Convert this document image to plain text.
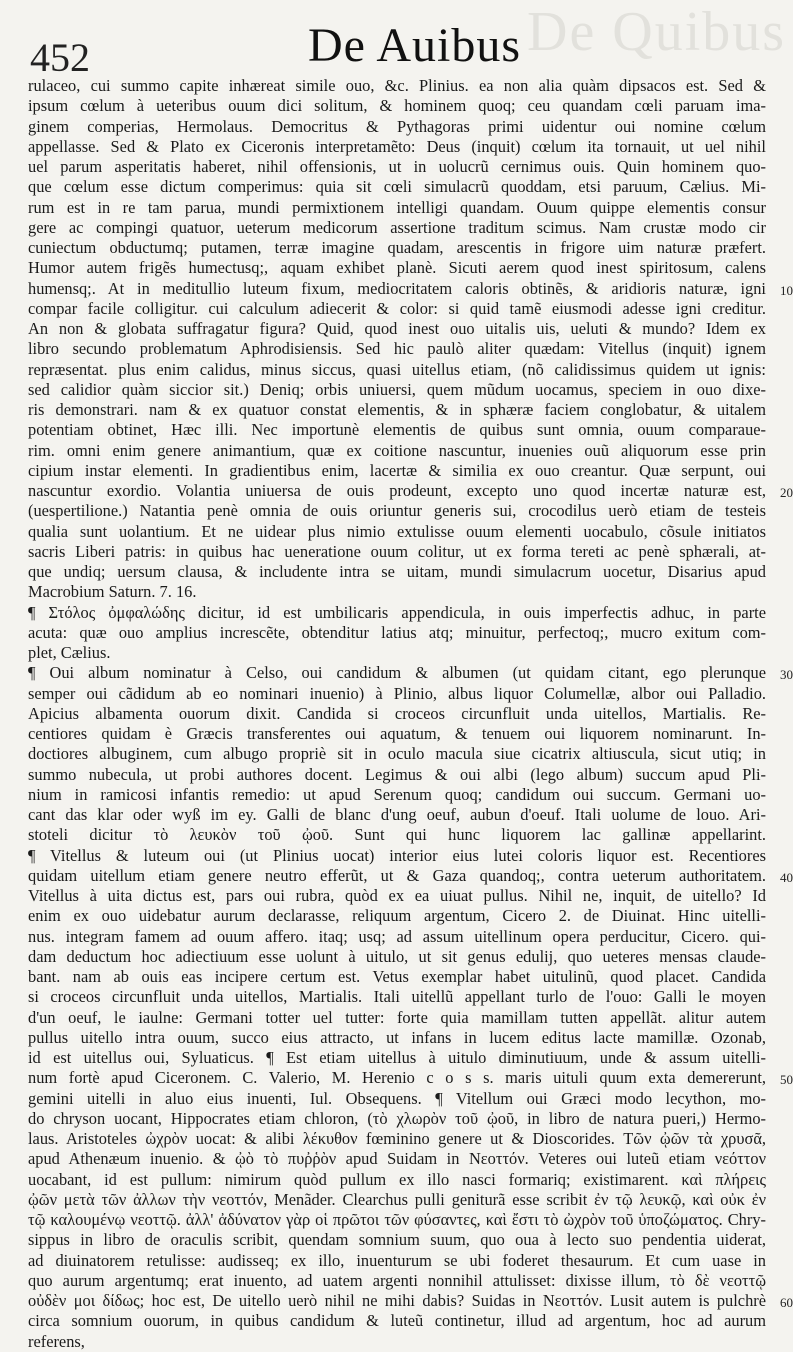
De Quibus
452	De Auibus
rulaceo, cui summo capite inhæreat simile ouo, &c. Plinius. ea non alia quàm dipsacos est. Sed &
ipsum cœlum à ueteribus ouum dici solitum, & hominem quoq; ceu quandam cœli paruam ima-
ginem comperias, Hermolaus. Democritus & Pythagoras primi uidentur oui nomine cœlum
appellasse. Sed & Plato ex Ciceronis interpretamẽto: Deus (inquit) cœlum ita tornauit, ut uel nihil
uel parum asperitatis haberet, nihil offensionis, ut in uolucrũ cernimus ouis. Quin hominem quo-
que cœlum esse dictum comperimus: quia sit cœli simulacrũ quoddam, etsi paruum, Cælius. Mi-
rum est in re tam parua, mundi permixtionem intelligi quandam. Ouum quippe elementis consur
gere ac compingi quatuor, ueterum medicorum assertione traditum scimus. Nam crustæ modo cir
cuniectum obductumq; putamen, terræ imagine quadam, arescentis in frigore uim naturæ præfert.
Humor autem frigẽs humectusq;, aquam exhibet planè. Sicuti aerem quod inest spiritosum, calens
humensq;. At in meditullio luteum fixum, mediocritatem caloris obtinẽs, & aridioris naturæ, igni
compar facile colligitur. cui calculum adiecerit & color: si quid tamẽ eiusmodi adesse igni creditur.
An non & globata suffragatur figura? Quid, quod inest ouo uitalis uis, ueluti & mundo? Idem ex
libro secundo problematum Aphrodisiensis. Sed hic paulò aliter quædam: Vitellus (inquit) ignem
repræsentat. plus enim calidus, minus siccus, quasi uitellus etiam, (nõ calidissimus quidem ut ignis:
sed calidior quàm siccior sit.) Deniq; orbis uniuersi, quem mũdum uocamus, speciem in ouo dixe-
ris demonstrari. nam & ex quatuor constat elementis, & in sphæræ faciem conglobatur, & uitalem
potentiam obtinet, Hæc illi. Nec importunè elementis de quibus sunt omnia, ouum comparaue-
rim. omni enim genere animantium, quæ ex coitione nascuntur, inuenies ouũ aliquorum esse prin
cipium instar elementi. In gradientibus enim, lacertæ & similia ex ouo creantur. Quæ serpunt, oui
nascuntur exordio. Volantia uniuersa de ouis prodeunt, excepto uno quod incertæ naturæ est,
(uespertilione.) Natantia penè omnia de ouis oriuntur generis sui, crocodilus uerò etiam de testeis
qualia sunt uolantium. Et ne uidear plus nimio extulisse ouum elementi uocabulo, cõsule initiatos
sacris Liberi patris: in quibus hac ueneratione ouum colitur, ut ex forma tereti ac penè sphærali, at-
que undiq; uersum clausa, & includente intra se uitam, mundi simulacrum uocetur, Disarius apud
Macrobium Saturn. 7. 16.
¶ Στόλος ὀμφαλώδης dicitur, id est umbilicaris appendicula, in ouis imperfectis adhuc, in parte
acuta: quæ ouo amplius increscẽte, obtenditur latius atq; minuitur, perfectoq;, mucro exitum com-
plet, Cælius.
¶ Oui album nominatur à Celso, oui candidum & albumen (ut quidam citant, ego plerunque
semper oui cãdidum ab eo nominari inuenio) à Plinio, albus liquor Columellæ, albor oui Palladio.
Apicius albamenta ouorum dixit. Candida si croceos circunfluit unda uitellos, Martialis. Re-
centiores quidam è Græcis transferentes oui aquatum, & tenuem oui liquorem nominarunt. In-
doctiores albuginem, cum albugo propriè sit in oculo macula siue cicatrix altiuscula, sicut utiq; in
summo nubecula, ut probi authores docent. Legimus & oui albi (lego album) succum apud Pli-
nium in ramicosi infantis remedio: ut apud Serenum quoq; candidum oui succum. Germani uo-
cant das klar oder wyß im ey. Galli de blanc d'ung oeuf, aubun d'oeuf. Itali uolume de louo. Ari-
stoteli dicitur τὸ λευκὸν τοῦ ᾠοῦ. Sunt qui hunc liquorem lac gallinæ appellarint.
¶ Vitellus & luteum oui (ut Plinius uocat) interior eius lutei coloris liquor est. Recentiores
quidam uitellum etiam genere neutro efferũt, ut & Gaza quandoq;, contra ueterum authoritatem.
Vitellus à uita dictus est, pars oui rubra, quòd ex ea uiuat pullus. Nihil ne, inquit, de uitello? Id
enim ex ouo uidebatur aurum declarasse, reliquum argentum, Cicero 2. de Diuinat. Hinc uitelli-
nus. integram famem ad ouum affero. itaq; usq; ad assum uitellinum opera perducitur, Cicero. qui-
dam deductum hoc adiectiuum esse uolunt à uitulo, ut sit genus edulij, quo ueteres mensas claude-
bant. nam ab ouis eas incipere certum est. Vetus exemplar habet uitulinũ, quod placet. Candida
si croceos circunfluit unda uitellos, Martialis. Itali uitellũ appellant turlo de l'ouo: Galli le moyen
d'un oeuf, le iaulne: Germani totter uel tutter: forte quia mamillam tutten appellãt. alitur autem
pullus uitello intra ouum, succo eius attracto, ut infans in lucem editus lacte mamillæ. Ozonab,
id est uitellus oui, Syluaticus. ¶ Est etiam uitellus à uitulo diminutiuum, unde & assum uitelli-
num fortè apud Ciceronem. C. Valerio, M. Herenio c o s s. maris uituli quum exta demererunt,
gemini uitelli in aluo eius inuenti, Iul. Obsequens. ¶ Vitellum oui Græci modo lecython, mo-
do chryson uocant, Hippocrates etiam chloron, (τὸ χλωρὸν τοῦ ᾠοῦ, in libro de natura pueri,) Hermo-
laus. Aristoteles ὠχρὸν uocat: & alibi λέκυθον fœminino genere ut & Dioscorides. Τῶν ᾠῶν τὰ χρυσᾶ,
apud Athenæum inuenio. & ᾠὸ τὸ πυῤῥὸν apud Suidam in Νεοττόν. Veteres oui luteũ etiam νεόττον
uocabant, id est pullum: nimirum quòd pullum ex illo nasci formariq; existimarent. καὶ πλήρεις
ᾠῶν μετὰ τῶν ἀλλων τὴν νεοττόν, Menãder. Clearchus pulli geniturã esse scribit ἐν τῷ λευκῷ, καὶ οὐκ ἐν
τῷ καλουμένῳ νεοττῷ. ἀλλ' ἀδύνατον γὰρ οἱ πρῶτοι τῶν φύσαντες, καὶ ἔστι τὸ ὠχρὸν τοῦ ὑποζώματος. Chry-
sippus in libro de oraculis scribit, quendam somnium suum, quo oua à lecto suo pendentia uiderat,
ad diuinatorem retulisse: audisseq; ex illo, inuenturum se ubi foderet thesaurum. Et cum uase in
quo aurum argentumq; erat inuento, ad uatem argenti nonnihil attulisset: dixisse illum, τὸ δὲ νεοττῷ
οὐδὲν μοι δίδως; hoc est, De uitello uerò nihil ne mihi dabis? Suidas in Νεοττόν. Lusit autem is pulchrè
circa somnium ouorum, in quibus candidum & luteũ continetur, illud ad argentum, hoc ad aurum
referens,
10
20
30
40
50
60
